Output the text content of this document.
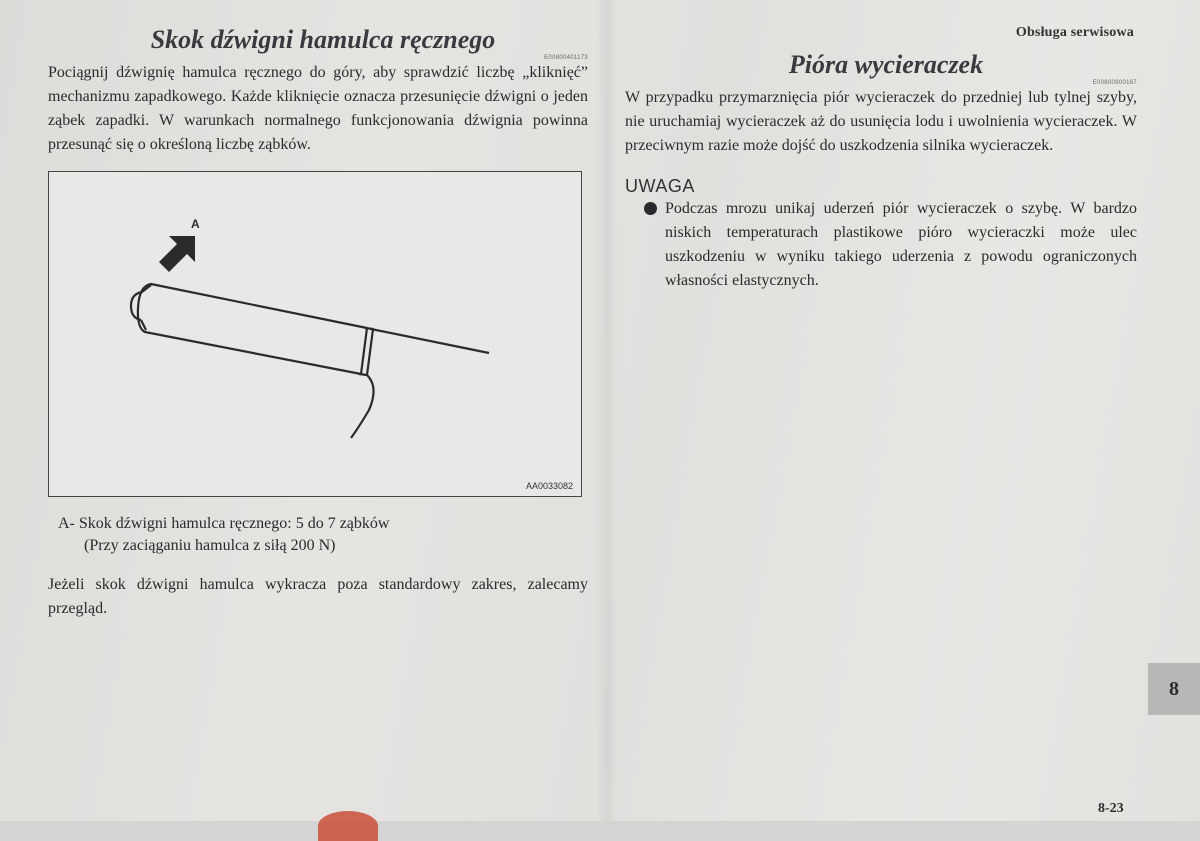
Obsługa serwisowa
Skok dźwigni hamulca ręcznego
E00800401173

Pociągnij dźwignię hamulca ręcznego do góry, aby sprawdzić liczbę „kliknięć” mechanizmu zapadkowego. Każde kliknięcie oznacza przesunięcie dźwigni o jeden ząbek zapadki. W warunkach normalnego funkcjonowania dźwignia powinna przesunąć się o określoną liczbę ząbków.

A
AA0033082
A- Skok dźwigni hamulca ręcznego: 5 do 7 ząbków
(Przy zaciąganiu hamulca z siłą 200 N)

Jeżeli skok dźwigni hamulca wykracza poza standardowy zakres, zalecamy przegląd.

Pióra wycieraczek
E00800900167

W przypadku przymarznięcia piór wycieraczek do przedniej lub tylnej szyby, nie uruchamiaj wycieraczek aż do usunięcia lodu i uwolnienia wycieraczek. W przeciwnym razie może dojść do uszkodzenia silnika wycieraczek.

UWAGA

Podczas mrozu unikaj uderzeń piór wycieraczek o szybę. W bardzo niskich temperaturach plastikowe pióro wycieraczki może ulec uszkodzeniu w wyniku takiego uderzenia z powodu ograniczonych własności elastycznych.

8
8-23
